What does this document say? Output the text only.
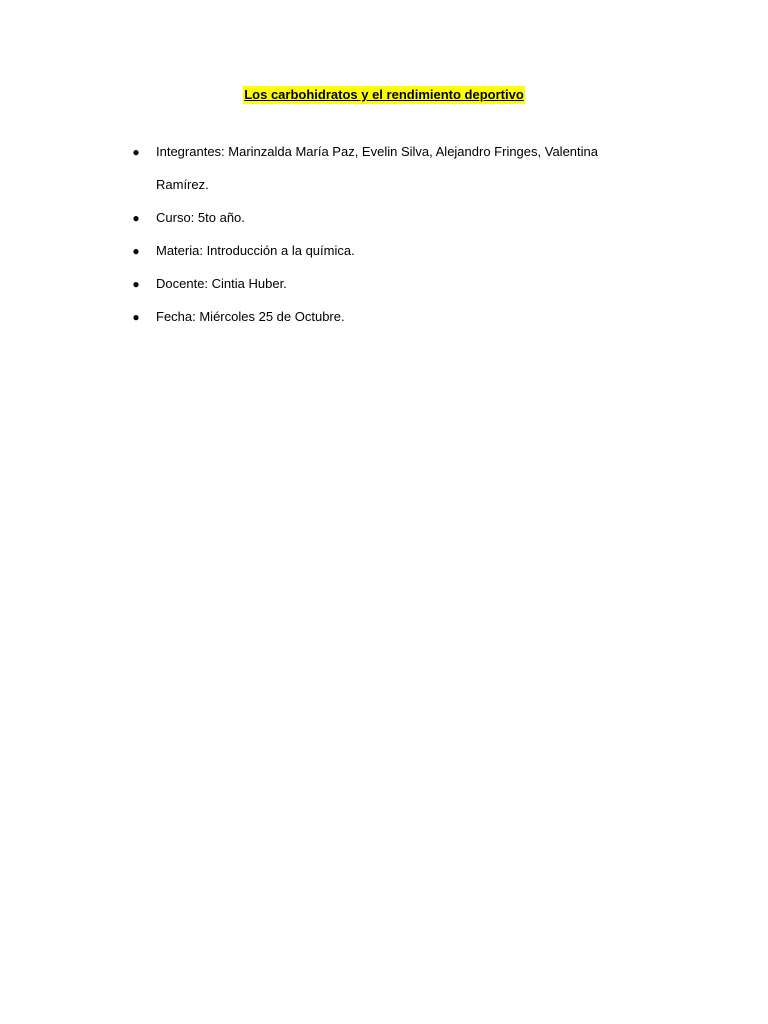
Los carbohidratos y el rendimiento deportivo
● Integrantes: Marinzalda María Paz, Evelin Silva, Alejandro Fringes, Valentina
Ramírez.
● Curso: 5to año.
● Materia: Introducción a la química.
● Docente: Cintia Huber.
● Fecha: Miércoles 25 de Octubre.
